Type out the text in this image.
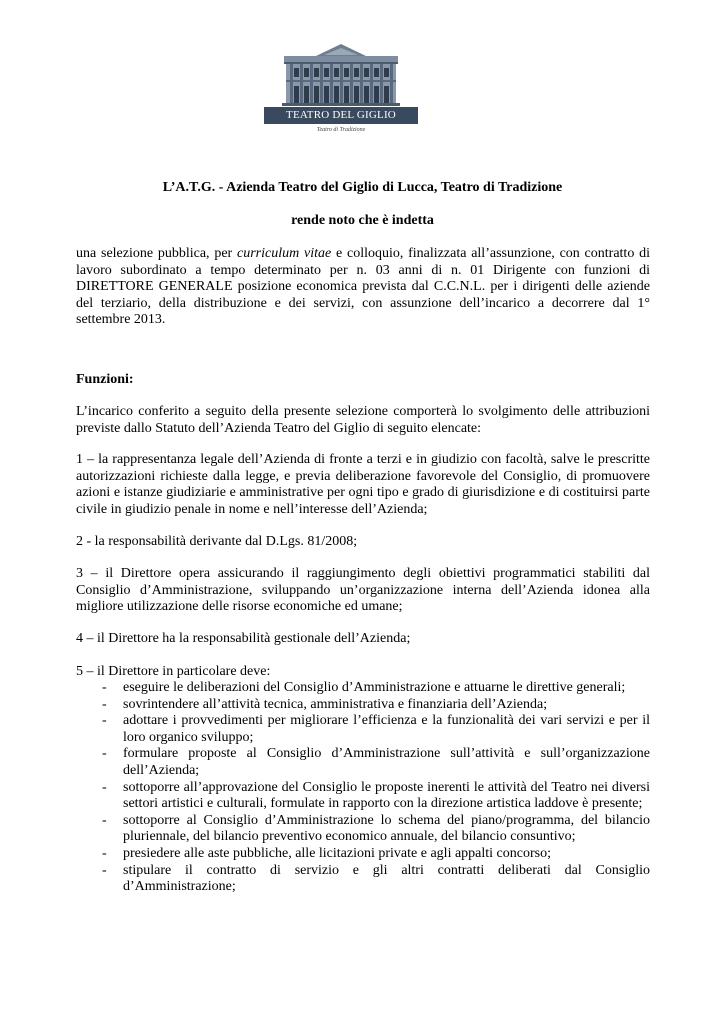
TEATRO DEL GIGLIO
Teatro di Tradizione
L’A.T.G. - Azienda Teatro del Giglio di Lucca, Teatro di Tradizione
rende noto che è indetta

una selezione pubblica, per curriculum vitae e colloquio, finalizzata all’assunzione, con contratto di lavoro subordinato a tempo determinato per n. 03 anni di n. 01 Dirigente con funzioni di DIRETTORE GENERALE posizione economica prevista dal C.C.N.L. per i dirigenti delle aziende del terziario, della distribuzione e dei servizi, con assunzione dell’incarico a decorrere dal 1° settembre 2013.

Funzioni:

L’incarico conferito a seguito della presente selezione comporterà lo svolgimento delle attribuzioni previste dallo Statuto dell’Azienda Teatro del Giglio di seguito elencate:

1 – la rappresentanza legale dell’Azienda di fronte a terzi e in giudizio con facoltà, salve le prescritte autorizzazioni richieste dalla legge, e previa deliberazione favorevole del Consiglio, di promuovere azioni e istanze giudiziarie e amministrative per ogni tipo e grado di giurisdizione e di costituirsi parte civile in giudizio penale in nome e nell’interesse dell’Azienda;

2 - la responsabilità derivante dal D.Lgs. 81/2008;

3 – il Direttore opera assicurando il raggiungimento degli obiettivi programmatici stabiliti dal Consiglio d’Amministrazione, sviluppando un’organizzazione interna dell’Azienda idonea alla migliore utilizzazione delle risorse economiche ed umane;

4 – il Direttore ha la responsabilità gestionale dell’Azienda;

5 – il Direttore in particolare deve:

- eseguire le deliberazioni del Consiglio d’Amministrazione e attuarne le direttive generali;
- sovrintendere all’attività tecnica, amministrativa e finanziaria dell’Azienda;
- adottare i provvedimenti per migliorare l’efficienza e la funzionalità dei vari servizi e per il loro organico sviluppo;
- formulare proposte al Consiglio d’Amministrazione sull’attività e sull’organizzazione dell’Azienda;
- sottoporre all’approvazione del Consiglio le proposte inerenti le attività del Teatro nei diversi settori artistici e culturali, formulate in rapporto con la direzione artistica laddove è presente;
- sottoporre al Consiglio d’Amministrazione lo schema del piano/programma, del bilancio pluriennale, del bilancio preventivo economico annuale, del bilancio consuntivo;
- presiedere alle aste pubbliche, alle licitazioni private e agli appalti concorso;
- stipulare il contratto di servizio e gli altri contratti deliberati dal Consiglio d’Amministrazione;
